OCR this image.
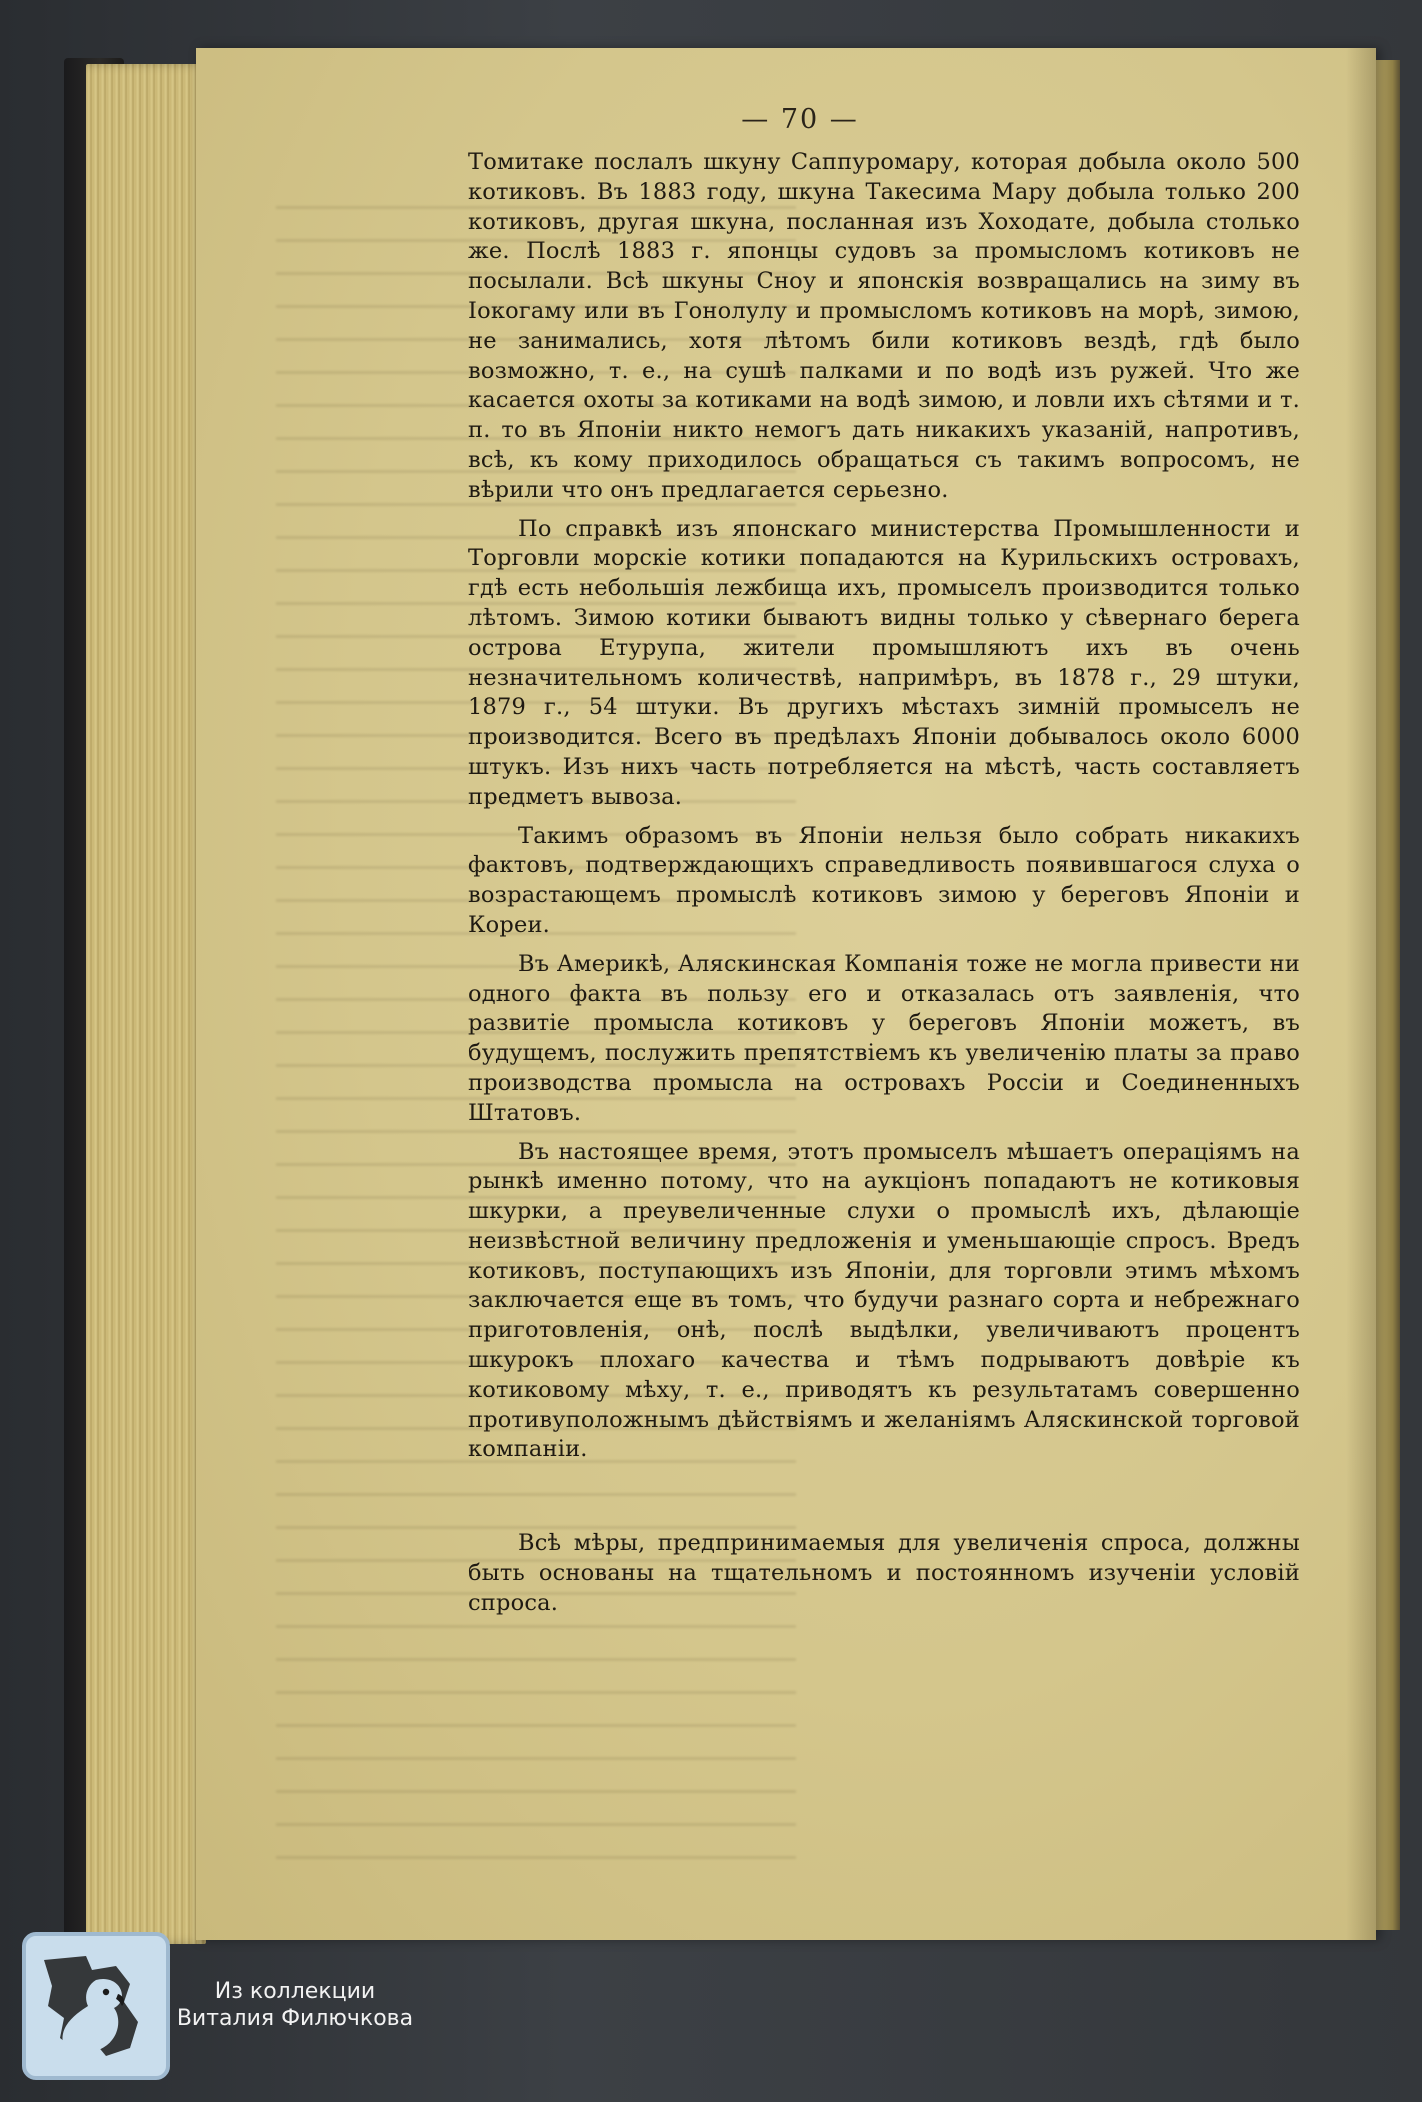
— 70 —

Томитаке послалъ шкуну Саппуромару, которая добыла около 500 котиковъ. Въ 1883 году, шкуна Такесима Мару добыла только 200 котиковъ, другая шкуна, посланная изъ Хоходате, добыла столько же. Послѣ 1883 г. японцы судовъ за промысломъ котиковъ не посылали. Всѣ шкуны Сноу и японскія возвращались на зиму въ Іокогаму или въ Гонолулу и промысломъ котиковъ на морѣ, зимою, не занимались, хотя лѣтомъ били котиковъ вездѣ, гдѣ было возможно, т. е., на сушѣ палками и по водѣ изъ ружей. Что же касается охоты за котиками на водѣ зимою, и ловли ихъ сѣтями и т. п. то въ Японіи никто немогъ дать никакихъ указаній, напротивъ, всѣ, къ кому приходилось обращаться съ такимъ вопросомъ, не вѣрили что онъ предлагается серьезно.

По справкѣ изъ японскаго министерства Промышленности и Торговли морскіе котики попадаются на Курильскихъ островахъ, гдѣ есть небольшія лежбища ихъ, промыселъ производится только лѣтомъ. Зимою котики бываютъ видны только у сѣвернаго берега острова Етурупа, жители промышляютъ ихъ въ очень незначительномъ количествѣ, напримѣръ, въ 1878 г., 29 штуки, 1879 г., 54 штуки. Въ другихъ мѣстахъ зимній промыселъ не производится. Всего въ предѣлахъ Японіи добывалось около 6000 штукъ. Изъ нихъ часть потребляется на мѣстѣ, часть составляетъ предметъ вывоза.

Такимъ образомъ въ Японіи нельзя было собрать никакихъ фактовъ, подтверждающихъ справедливость появившагося слуха о возрастающемъ промыслѣ котиковъ зимою у береговъ Японіи и Кореи.

Въ Америкѣ, Аляскинская Компанія тоже не могла привести ни одного факта въ пользу его и отказалась отъ заявленія, что развитіе промысла котиковъ у береговъ Японіи можетъ, въ будущемъ, послужить препятствіемъ къ увеличенію платы за право производства промысла на островахъ Россіи и Соединенныхъ Штатовъ.

Въ настоящее время, этотъ промыселъ мѣшаетъ операціямъ на рынкѣ именно потому, что на аукціонъ попадаютъ не котиковыя шкурки, а преувеличенные слухи о промыслѣ ихъ, дѣлающіе неизвѣстной величину предложенія и уменьшающіе спросъ. Вредъ котиковъ, поступающихъ изъ Японіи, для торговли этимъ мѣхомъ заключается еще въ томъ, что будучи разнаго сорта и небрежнаго приготовленія, онѣ, послѣ выдѣлки, увеличиваютъ процентъ шкурокъ плохаго качества и тѣмъ подрываютъ довѣріе къ котиковому мѣху, т. е., приводятъ къ результатамъ совершенно противуположнымъ дѣйствіямъ и желаніямъ Аляскинской торговой компаніи.

Всѣ мѣры, предпринимаемыя для увеличенія спроса, должны быть основаны на тщательномъ и постоянномъ изученіи условій спроса.

Из коллекции
Виталия Филючкова
